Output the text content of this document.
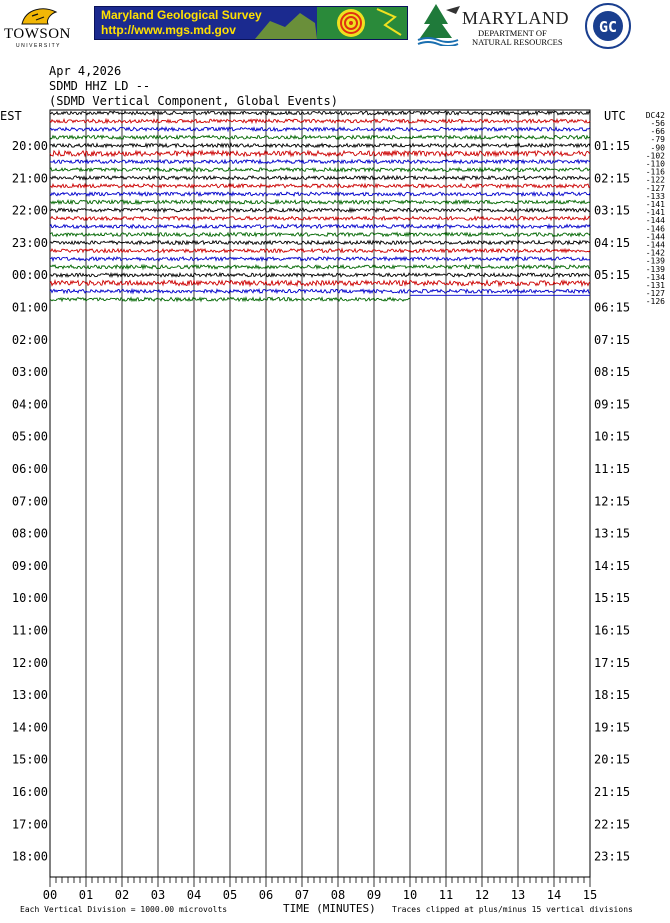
TOWSON
UNIVERSITY
Maryland Geological Survey
http://www.mgs.md.gov
MARYLAND
DEPARTMENT OF
NATURAL RESOURCES
GC
Apr 4,2026
SDMD HHZ LD --
(SDMD Vertical Component, Global Events)
EST	UTC
00 01 02 03 04 05 06 07 08 09 10 11 12 13 14 15
20:00
21:00
22:00
23:00
00:00
01:00
02:00
03:00
04:00
05:00
06:00
07:00
08:00
09:00
10:00
11:00
12:00
13:00
14:00
15:00
16:00
17:00
18:00
01:15
02:15
03:15
04:15
05:15
06:15
07:15
08:15
09:15
10:15
11:15
12:15
13:15
14:15
15:15
16:15
17:15
18:15
19:15
20:15
21:15
22:15
23:15
DC42
-56
-66
-79
-90
-102
-110
-116
-122
-127
-133
-141
-141
-144
-146
-144
-144
-142
-139
-139
-134
-131
-127
-126
TIME (MINUTES)
Each Vertical Division = 1000.00 microvolts	Traces clipped at plus/minus 15 vertical divisions
